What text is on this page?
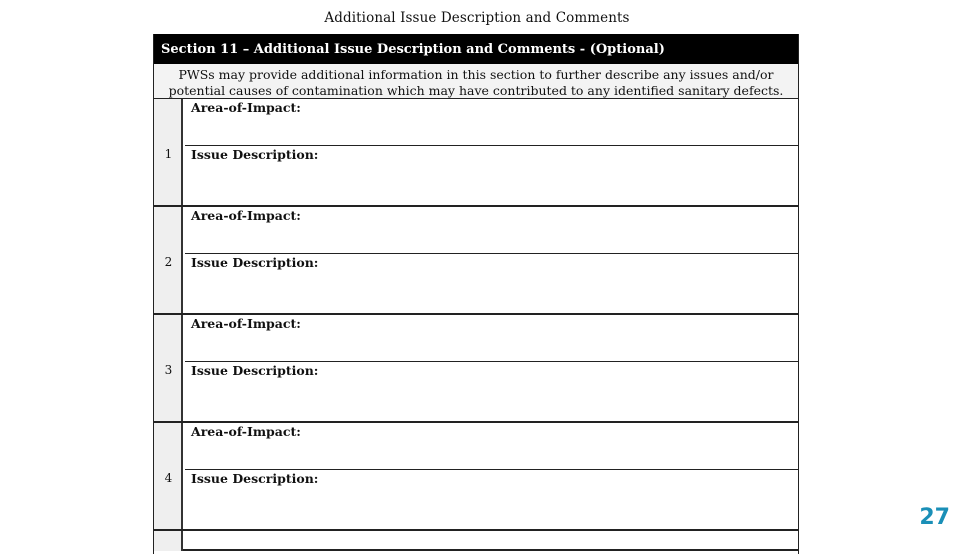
Additional Issue Description and Comments
Section 11 – Additional Issue Description and Comments - (Optional)
PWSs may provide additional information in this section to further describe any issues and/or
potential causes of contamination which may have contributed to any identified sanitary defects.
1
Area-of-Impact:
Issue Description:
2
Area-of-Impact:
Issue Description:
3
Area-of-Impact:
Issue Description:
4
Area-of-Impact:
Issue Description:
27
